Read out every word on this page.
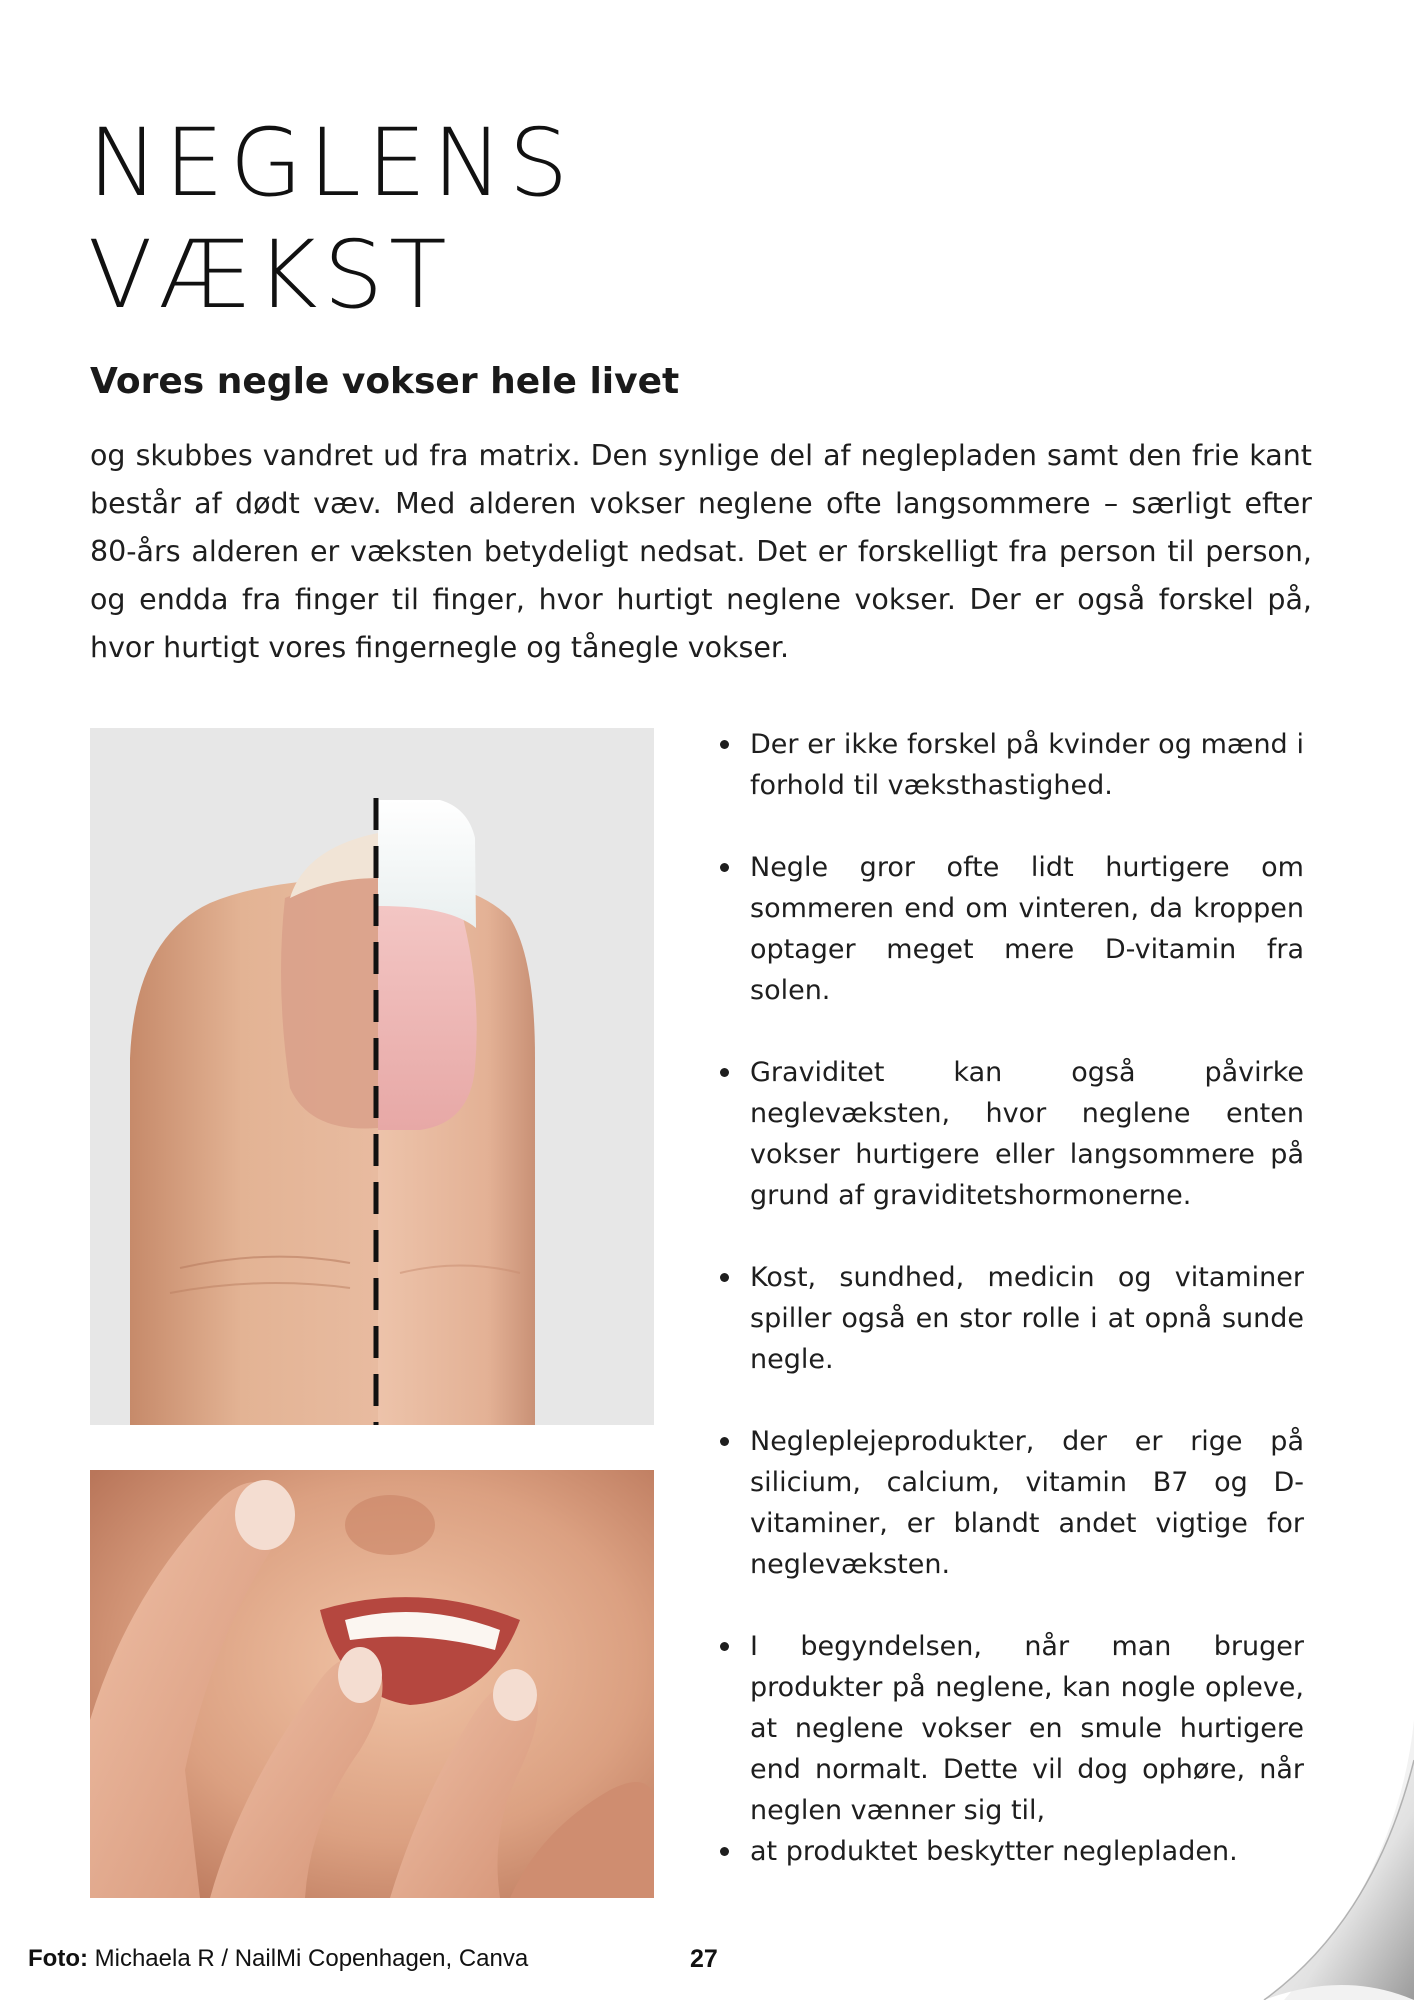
NEGLENS
VÆKST
Vores negle vokser hele livet

og skubbes vandret ud fra matrix. Den synlige del af neglepladen samt den frie kant består af dødt væv. Med alderen vokser neglene ofte langsommere – særligt efter 80-års alderen er væksten betydeligt nedsat. Det er forskelligt fra person til person, og endda fra finger til finger, hvor hurtigt neglene vokser. Der er også forskel på, hvor hurtigt vores fingernegle og tånegle vokser.

Der er ikke forskel på kvinder og mænd i forhold til væksthastighed.
Negle gror ofte lidt hurtigere om sommeren end om vinteren, da kroppen optager meget mere D-vitamin fra solen.
Graviditet kan også påvirke neglevæksten, hvor neglene enten vokser hurtigere eller langsommere på grund af graviditetshormonerne.
Kost, sundhed, medicin og vitaminer spiller også en stor rolle i at opnå sunde negle.
Negleplejeprodukter, der er rige på silicium, calcium, vitamin B7 og D-vitaminer, er blandt andet vigtige for neglevæksten.
I begyndelsen, når man bruger produkter på neglene, kan nogle opleve, at neglene vokser en smule hurtigere end normalt. Dette vil dog ophøre, når neglen vænner sig til,
at produktet beskytter neglepladen.
Foto: Michaela R / NailMi Copenhagen, Canva	27
